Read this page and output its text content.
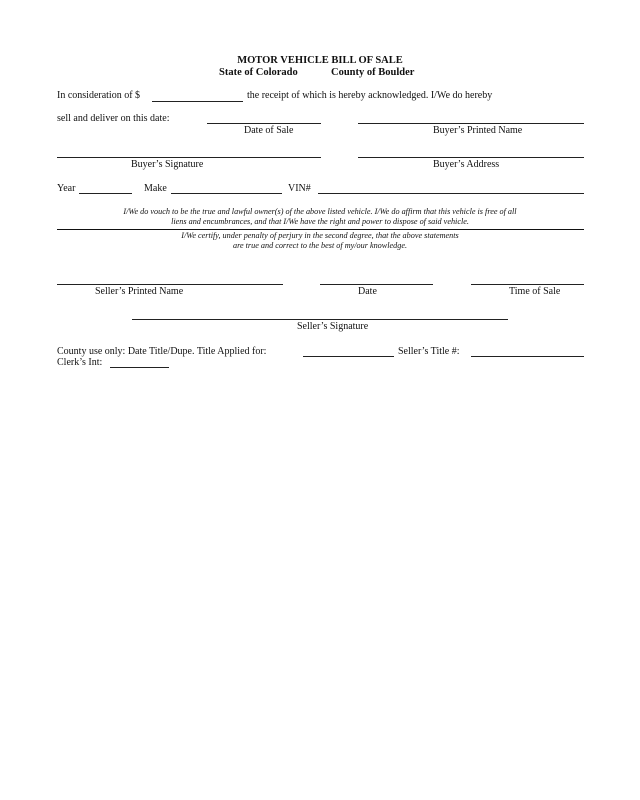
MOTOR VEHICLE BILL OF SALE
State of Colorado	County of Boulder
In consideration of $	the receipt of which is hereby acknowledged. I/We do hereby
sell and deliver on this date:
Date of Sale	Buyer’s Printed Name
Buyer’s Signature	Buyer’s Address
Year	Make	VIN#
I/We do vouch to be the true and lawful owner(s) of the above listed vehicle. I/We do affirm that this vehicle is free of all
liens and encumbrances, and that I/We have the right and power to dispose of said vehicle.
I/We certify, under penalty of perjury in the second degree, that the above statements
are true and correct to the best of my/our knowledge.
Seller’s Printed Name	Date	Time of Sale
Seller’s Signature
County use only: Date Title/Dupe. Title Applied for:	Seller’s Title #:
Clerk’s Int:
